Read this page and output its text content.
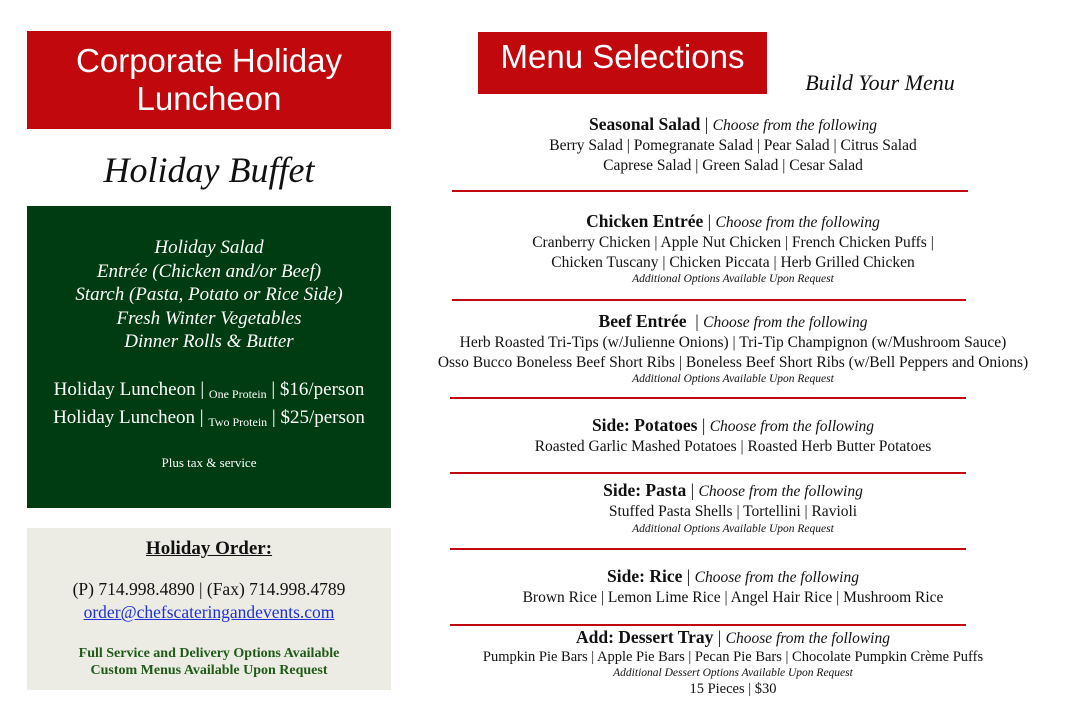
Corporate Holiday
Luncheon
Holiday Buffet
Holiday Salad
Entrée (Chicken and/or Beef)
Starch (Pasta, Potato or Rice Side)
Fresh Winter Vegetables
Dinner Rolls & Butter
Holiday Luncheon | $_{One Protein}$ | $16/person
Holiday Luncheon | $_{Two Protein}$ | $25/person
Plus tax & service
Holiday Order:
(P) 714.998.4890 | (Fax) 714.998.4789
order@chefscateringandevents.com
Full Service and Delivery Options Available
Custom Menus Available Upon Request
Menu Selections
Build Your Menu
Seasonal Salad | Choose from the following
Berry Salad | Pomegranate Salad | Pear Salad | Citrus Salad
Caprese Salad | Green Salad | Cesar Salad
Chicken Entrée | Choose from the following
Cranberry Chicken | Apple Nut Chicken | French Chicken Puffs |
Chicken Tuscany | Chicken Piccata | Herb Grilled Chicken
Additional Options Available Upon Request
Beef Entrée  | Choose from the following
Herb Roasted Tri-Tips (w/Julienne Onions) | Tri-Tip Champignon (w/Mushroom Sauce)
Osso Bucco Boneless Beef Short Ribs | Boneless Beef Short Ribs (w/Bell Peppers and Onions)
Additional Options Available Upon Request
Side: Potatoes | Choose from the following
Roasted Garlic Mashed Potatoes | Roasted Herb Butter Potatoes
Side: Pasta | Choose from the following
Stuffed Pasta Shells | Tortellini | Ravioli
Additional Options Available Upon Request
Side: Rice | Choose from the following
Brown Rice | Lemon Lime Rice | Angel Hair Rice | Mushroom Rice
Add: Dessert Tray | Choose from the following
Pumpkin Pie Bars | Apple Pie Bars | Pecan Pie Bars | Chocolate Pumpkin Crème Puffs
Additional Dessert Options Available Upon Request
15 Pieces | $30
